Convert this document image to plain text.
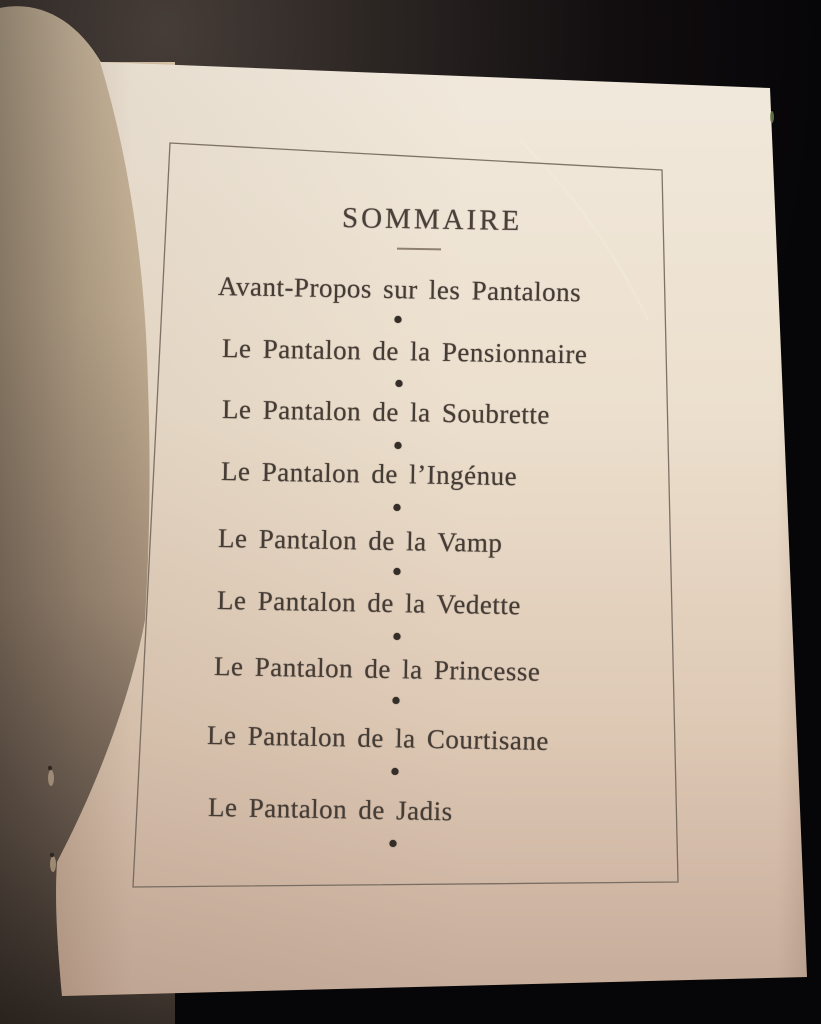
SOMMAIRE
Avant-Propos sur les Pantalons
•
Le Pantalon de la Pensionnaire
•
Le Pantalon de la Soubrette
•
Le Pantalon de l’Ingénue
•
Le Pantalon de la Vamp
•
Le Pantalon de la Vedette
•
Le Pantalon de la Princesse
•
Le Pantalon de la Courtisane
•
Le Pantalon de Jadis
•
